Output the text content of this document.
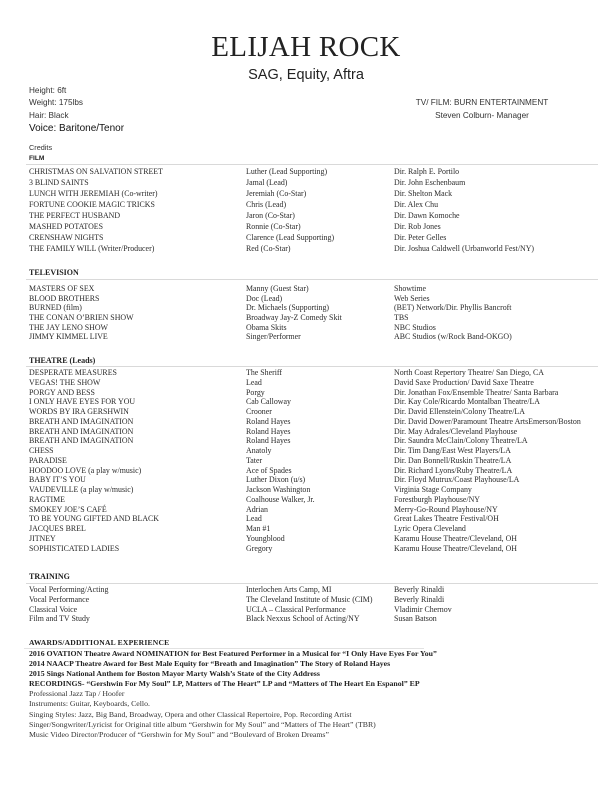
ELIJAH ROCK
SAG, Equity, Aftra
Height: 6ft
Weight: 175lbs
Hair: Black
Voice: Baritone/Tenor
TV/ FILM: BURN ENTERTAINMENT
Steven Colburn- Manager
Credits
FILM
CHRISTMAS ON SALVATION STREET	Luther (Lead Supporting)	Dir. Ralph E. Portilo
3 BLIND SAINTS	Jamal (Lead)	Dir. John Eschenbaum
LUNCH WITH JEREMIAH (Co-writer)	Jeremiah (Co-Star)	Dir. Shelton Mack
FORTUNE COOKIE MAGIC TRICKS	Chris (Lead)	Dir. Alex Chu
THE PERFECT HUSBAND	Jaron (Co-Star)	Dir. Dawn Komoche
MASHED POTATOES	Ronnie (Co-Star)	Dir. Rob Jones
CRENSHAW NIGHTS	Clarence (Lead Supporting)	Dir. Peter Gelles
THE FAMILY WILL (Writer/Producer)	Red (Co-Star)	Dir. Joshua Caldwell (Urbanworld Fest/NY)
TELEVISION
MASTERS OF SEX	Manny (Guest Star)	Showtime
BLOOD BROTHERS	Doc (Lead)	Web Series
BURNED (film)	Dr. Michaels (Supporting)	(BET) Network/Dir. Phyllis Bancroft
THE CONAN O’BRIEN SHOW	Broadway Jay-Z Comedy Skit	TBS
THE JAY LENO SHOW	Obama Skits	NBC Studios
JIMMY KIMMEL LIVE	Singer/Performer	ABC Studios (w/Rock Band-OKGO)
THEATRE (Leads)
DESPERATE MEASURES	The Sheriff	North Coast Repertory Theatre/ San Diego, CA
VEGAS! THE SHOW	Lead	David Saxe Production/ David Saxe Theatre
PORGY AND BESS	Porgy	Dir. Jonathan Fox/Ensemble Theatre/ Santa Barbara
I ONLY HAVE EYES FOR YOU	Cab Calloway	Dir. Kay Cole/Ricardo Montalban Theatre/LA
WORDS BY IRA GERSHWIN	Crooner	Dir. David Ellenstein/Colony Theatre/LA
BREATH AND IMAGINATION	Roland Hayes	Dir. David Dower/Paramount Theatre ArtsEmerson/Boston
BREATH AND IMAGINATION	Roland Hayes	Dir. May Adrales/Cleveland Playhouse
BREATH AND IMAGINATION	Roland Hayes	Dir. Saundra McClain/Colony Theatre/LA
CHESS	Anatoly	Dir. Tim Dang/East West Players/LA
PARADISE	Tater	Dir. Dan Bonnell/Ruskin Theatre/LA
HOODOO LOVE (a play w/music)	Ace of Spades	Dir. Richard Lyons/Ruby Theatre/LA
BABY IT’S YOU	Luther Dixon (u/s)	Dir. Floyd Mutrux/Coast Playhouse/LA
VAUDEVILLE (a play w/music)	Jackson Washington	Virginia Stage Company
RAGTIME	Coalhouse Walker, Jr.	Forestburgh Playhouse/NY
SMOKEY JOE’S CAFÉ	Adrian	Merry-Go-Round Playhouse/NY
TO BE YOUNG GIFTED AND BLACK	Lead	Great Lakes Theatre Festival/OH
JACQUES BREL	Man #1	Lyric Opera Cleveland
JITNEY	Youngblood	Karamu House Theatre/Cleveland, OH
SOPHISTICATED LADIES	Gregory	Karamu House Theatre/Cleveland, OH
TRAINING
Vocal Performing/Acting	Interlochen Arts Camp, MI	Beverly Rinaldi
Vocal Performance	The Cleveland Institute of Music (CIM)	Beverly Rinaldi
Classical Voice	UCLA – Classical Performance	Vladimir Chernov
Film and TV Study	Black Nexxus School of Acting/NY	Susan Batson
AWARDS/ADDITIONAL EXPERIENCE
2016 OVATION Theatre Award NOMINATION for Best Featured Performer in a Musical for “I Only Have Eyes For You”
2014 NAACP Theatre Award for Best Male Equity for “Breath and Imagination” The Story of Roland Hayes
2015 Sings National Anthem for Boston Mayor Marty Walsh’s State of the City Address
RECORDINGS- “Gershwin For My Soul” LP, Matters of The Heart” LP and “Matters of The Heart En Espanol” EP
Professional Jazz Tap / Hoofer
Instruments: Guitar, Keyboards, Cello.
Singing Styles: Jazz, Big Band, Broadway, Opera and other Classical Repertoire, Pop. Recording Artist
Singer/Songwriter/Lyricist for Original title album “Gershwin for My Soul” and “Matters of The Heart” (TBR)
Music Video Director/Producer of “Gershwin for My Soul” and “Boulevard of Broken Dreams”
